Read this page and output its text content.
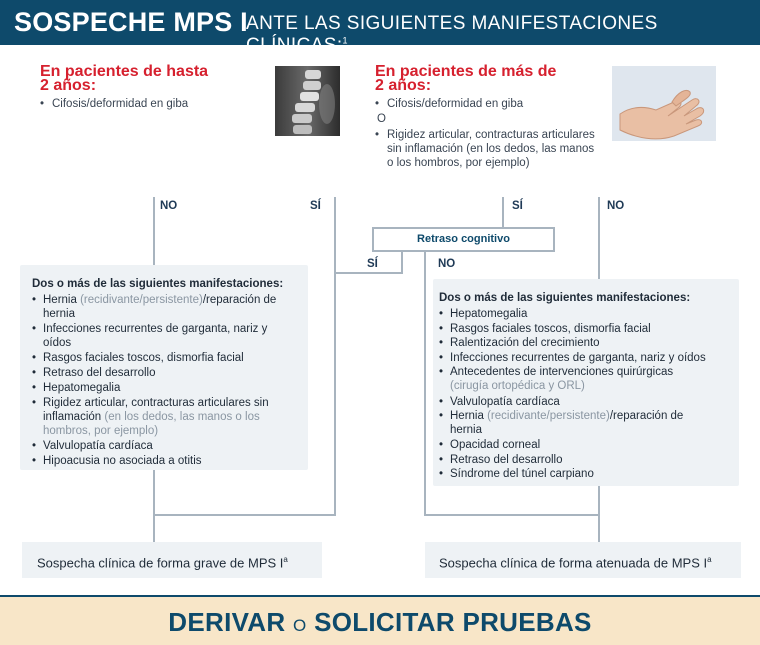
SOSPECHE MPS I
ANTE LAS SIGUIENTES MANIFESTACIONES CLÍNICAS:$^1$
En pacientes de hasta
2 años:
• Cifosis/deformidad en giba
En pacientes de más de
2 años:
• Cifosis/deformidad en giba
O
• Rigidez articular, contracturas articulares
sin inflamación (en los dedos, las manos
o los hombros, por ejemplo)
NO	SÍ	SÍ	NO
SÍ	NO
Retraso cognitivo
Dos o más de las siguientes manifestaciones:
• Hernia (recidivante/persistente)/reparación de
hernia
• Infecciones recurrentes de garganta, nariz y
oídos
• Rasgos faciales toscos, dismorfia facial
• Retraso del desarrollo
• Hepatomegalia
• Rigidez articular, contracturas articulares sin
inflamación (en los dedos, las manos o los
hombros, por ejemplo)
• Valvulopatía cardíaca
• Hipoacusia no asociada a otitis
Dos o más de las siguientes manifestaciones:
• Hepatomegalia
• Rasgos faciales toscos, dismorfia facial
• Ralentización del crecimiento
• Infecciones recurrentes de garganta, nariz y oídos
• Antecedentes de intervenciones quirúrgicas
(cirugía ortopédica y ORL)
• Valvulopatía cardíaca
• Hernia (recidivante/persistente)/reparación de
hernia
• Opacidad corneal
• Retraso del desarrollo
• Síndrome del túnel carpiano
Sospecha clínica de forma grave de MPS $I^a$	Sospecha clínica de forma atenuada de MPS $I^a$
DERIVAR O SOLICITAR PRUEBAS
